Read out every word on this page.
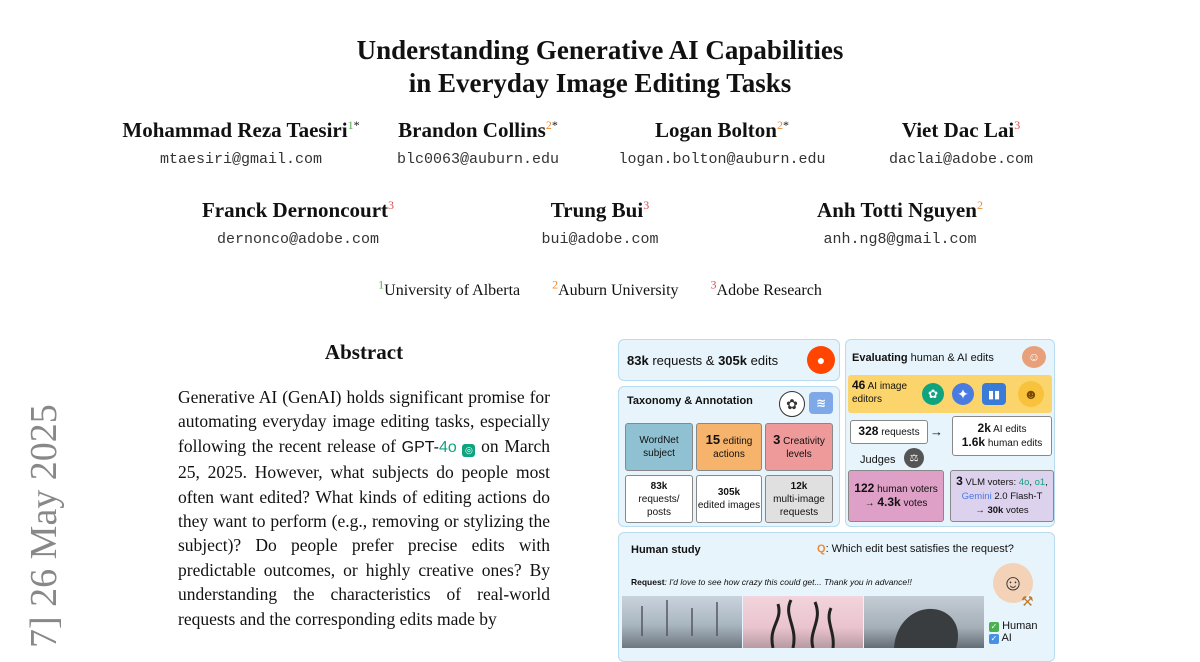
7] 26 May 2025
Understanding Generative AI Capabilities
in Everyday Image Editing Tasks
Mohammad Reza Taesiri$^{1*}$
mtaesiri@gmail.com
Brandon Collins$^{2*}$
blc0063@auburn.edu
Logan Bolton$^{2*}$
logan.bolton@auburn.edu
Viet Dac Lai$^3$
daclai@adobe.com
Franck Dernoncourt$^3$
dernonco@adobe.com
Trung Bui$^3$
bui@adobe.com
Anh Totti Nguyen$^2$
anh.ng8@gmail.com
$^1$University of Alberta	$^2$Auburn University	$^3$Adobe Research
Abstract
Generative AI (GenAI) holds significant promise for automating everyday image editing tasks, especially following the recent release of GPT-4o ◎ on March 25, 2025. However, what subjects do people most often want edited? What kinds of editing actions do they want to perform (e.g., removing or stylizing the subject)? Do people prefer precise edits with predictable outcomes, or highly creative ones? By understanding the characteristics of real-world requests and the corresponding edits made by
83k requests & 305k edits	●
Taxonomy & Annotation	✿	≋
WordNet subject
15 editing actions
3 Creativity levels
83k
requests/ posts
305k
edited images
12k
multi-image requests
Evaluating human & AI edits	☺
46 AI image editors	✿	✦	▮▮	☻
328 requests →	2k AI edits
1.6k human edits
Judges	⚖
122 human voters
→ 4.3k votes
3 VLM voters: 4o, o1,
Gemini 2.0 Flash-T
→ 30k votes
Human study	Q: Which edit best satisfies the request?
Request: I'd love to see how crazy this could get... Thank you in advance!!	☺
⚒
✓ Human
✓ AI
